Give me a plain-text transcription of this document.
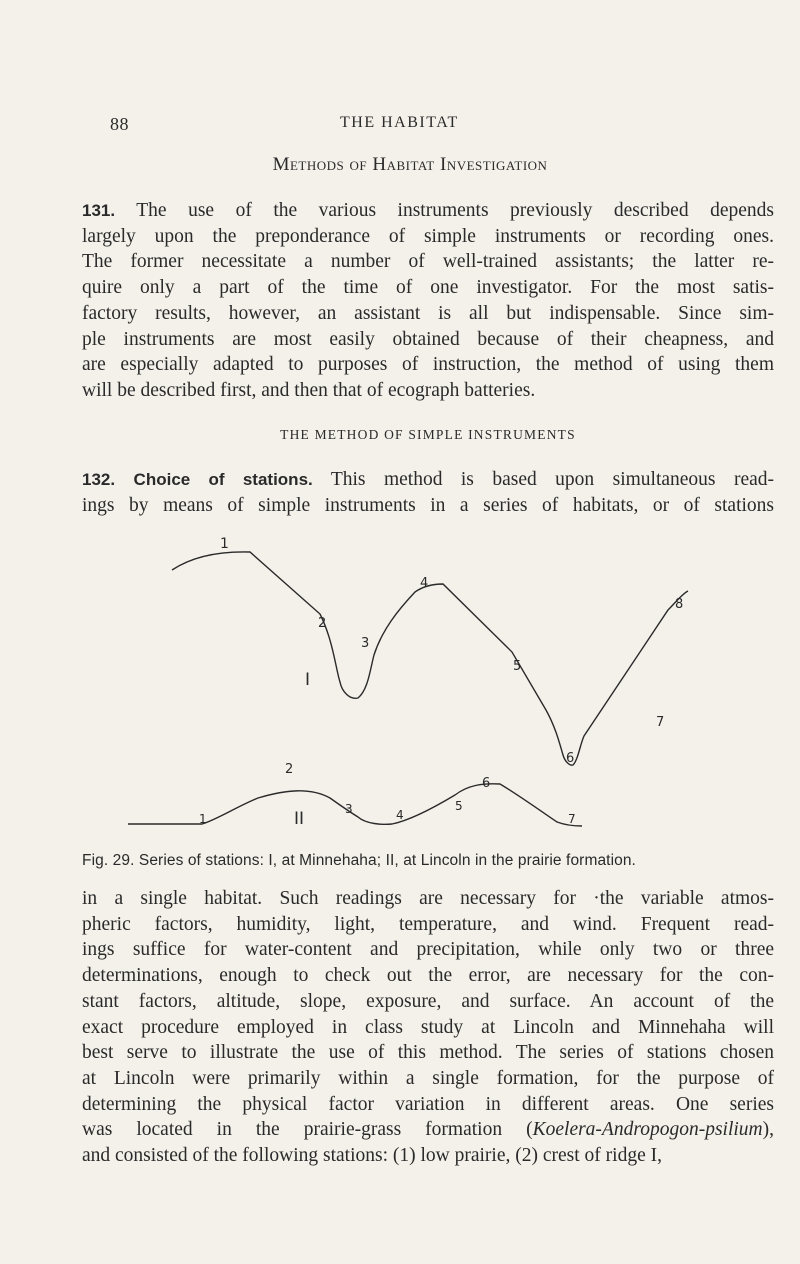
88	THE HABITAT
Methods of Habitat Investigation
131. The use of the various instruments previously described depends
largely upon the preponderance of simple instruments or recording ones.
The former necessitate a number of well-trained assistants; the latter re-
quire only a part of the time of one investigator. For the most satis-
factory results, however, an assistant is all but indispensable. Since sim-
ple instruments are most easily obtained because of their cheapness, and
are especially adapted to purposes of instruction, the method of using them
will be described first, and then that of ecograph batteries.
THE METHOD OF SIMPLE INSTRUMENTS
132. Choice of stations. This method is based upon simultaneous read-
ings by means of simple instruments in a series of habitats, or of stations
1
2
3
4
5
6
7
8
I
1
2
3	4
5
6
7
II
Fig. 29. Series of stations: I, at Minnehaha; II, at Lincoln in the prairie formation.
in a single habitat. Such readings are necessary for ·the variable atmos-
pheric factors, humidity, light, temperature, and wind. Frequent read-
ings suffice for water-content and precipitation, while only two or three
determinations, enough to check out the error, are necessary for the con-
stant factors, altitude, slope, exposure, and surface. An account of the
exact procedure employed in class study at Lincoln and Minnehaha will
best serve to illustrate the use of this method. The series of stations chosen
at Lincoln were primarily within a single formation, for the purpose of
determining the physical factor variation in different areas. One series
was located in the prairie-grass formation (Koelera-Andropogon-psilium),
and consisted of the following stations: (1) low prairie, (2) crest of ridge I,
